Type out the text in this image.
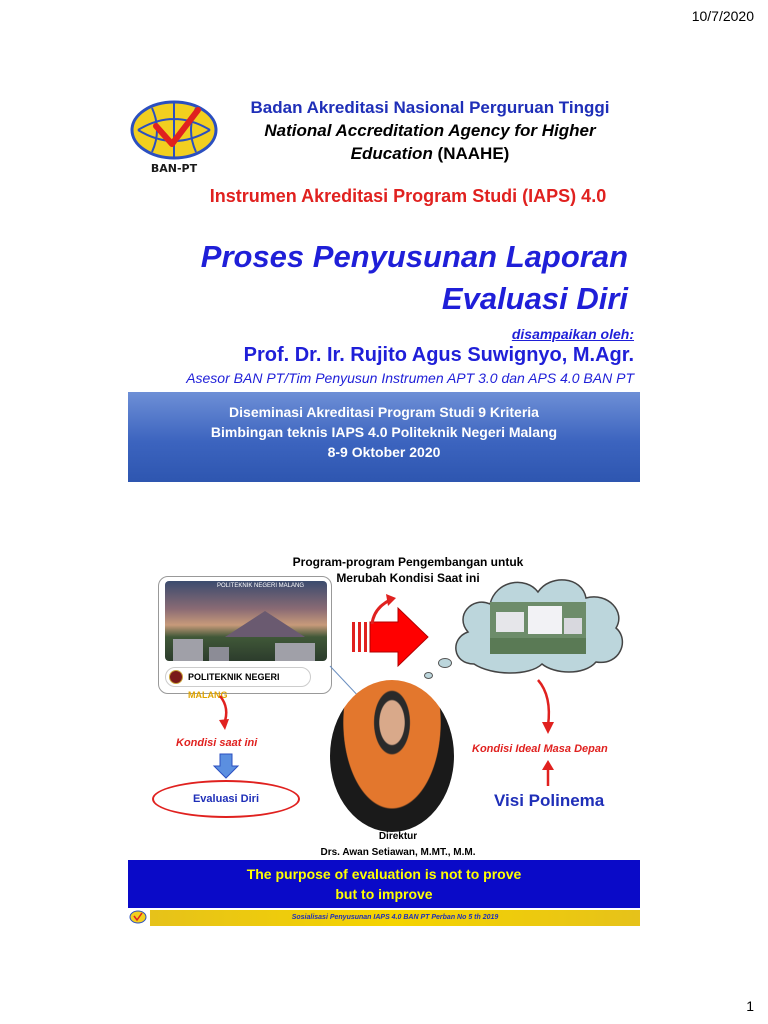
10/7/2020
BAN-PT
Badan Akreditasi Nasional Perguruan Tinggi
National Accreditation Agency for Higher
Education (NAAHE)
Instrumen Akreditasi Program Studi (IAPS) 4.0
Proses Penyusunan Laporan
Evaluasi Diri
disampaikan oleh:
Prof. Dr. Ir. Rujito Agus Suwignyo, M.Agr.
Asesor BAN PT/Tim Penyusun Instrumen APT 3.0 dan APS 4.0 BAN PT
Diseminasi Akreditasi Program Studi 9 Kriteria
Bimbingan teknis IAPS 4.0 Politeknik Negeri Malang
8-9 Oktober 2020
Program-program Pengembangan untuk
Merubah Kondisi Saat ini
POLITEKNIK NEGERI MALANG
POLITEKNIK NEGERI MALANG
Kondisi saat ini
Evaluasi Diri
Kondisi Ideal Masa Depan
Visi Polinema
Direktur
Drs. Awan Setiawan, M.MT., M.M.
The purpose of evaluation is not to prove
but to improve
Sosialisasi Penyusunan IAPS 4.0 BAN PT Perban No 5 th 2019
1
